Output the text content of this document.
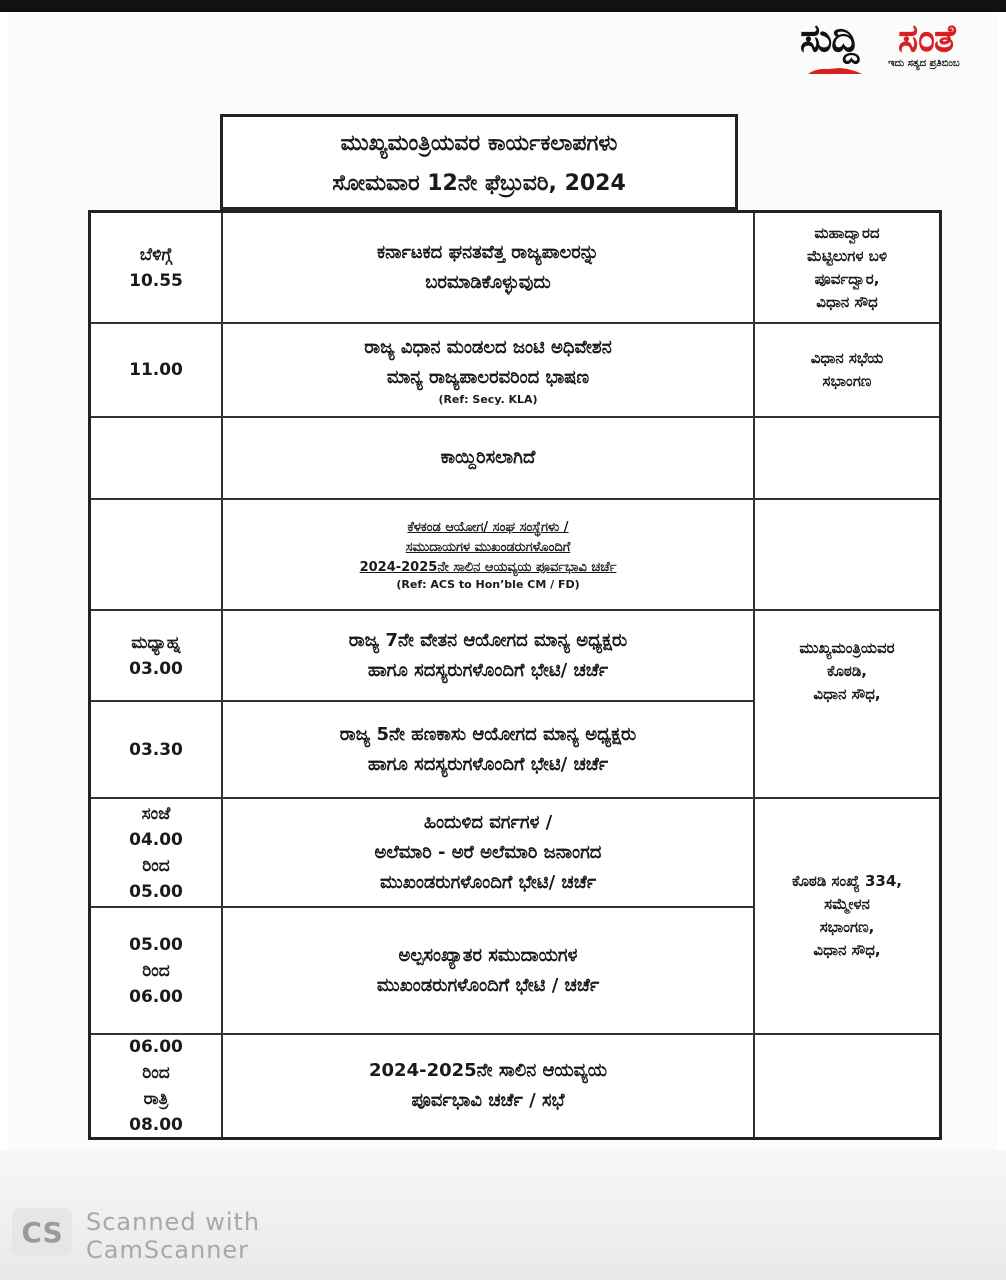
ಸುದ್ದಿ ಸಂತೆ
ಇದು ಸತ್ಯದ ಪ್ರತಿಬಿಂಬ
ಮುಖ್ಯಮಂತ್ರಿಯವರ ಕಾರ್ಯಕಲಾಪಗಳು
ಸೋಮವಾರ 12ನೇ ಫೆಬ್ರುವರಿ, 2024
ಬೆಳಿಗ್ಗೆ
10.55
ಕರ್ನಾಟಕದ ಘನತವೆತ್ತ ರಾಜ್ಯಪಾಲರನ್ನು
ಬರಮಾಡಿಕೊಳ್ಳುವುದು
ಮಹಾದ್ವಾರದ
ಮೆಟ್ಟಿಲುಗಳ ಬಳಿ
ಪೂರ್ವದ್ವಾರ,
ವಿಧಾನ ಸೌಧ
11.00
ರಾಜ್ಯ ವಿಧಾನ ಮಂಡಲದ ಜಂಟಿ ಅಧಿವೇಶನ
ಮಾನ್ಯ ರಾಜ್ಯಪಾಲರವರಿಂದ ಭಾಷಣ
(Ref: Secy. KLA)
ವಿಧಾನ ಸಭೆಯ
ಸಭಾಂಗಣ
ಕಾಯ್ದಿರಿಸಲಾಗಿದೆ
ಕೆಳಕಂಡ ಆಯೋಗ/ ಸಂಘ ಸಂಸ್ಥೆಗಳು /
ಸಮುದಾಯಗಳ ಮುಖಂಡರುಗಳೊಂದಿಗೆ
2024-2025ನೇ ಸಾಲಿನ ಆಯವ್ಯಯ ಪೂರ್ವಭಾವಿ ಚರ್ಚೆ
(Ref: ACS to Hon’ble CM / FD)
ಮಧ್ಯಾಹ್ನ
03.00
ರಾಜ್ಯ 7ನೇ ವೇತನ ಆಯೋಗದ ಮಾನ್ಯ ಅಧ್ಯಕ್ಷರು
ಹಾಗೂ ಸದಸ್ಯರುಗಳೊಂದಿಗೆ ಭೇಟಿ/ ಚರ್ಚೆ
ಮುಖ್ಯಮಂತ್ರಿಯವರ
ಕೊಠಡಿ,
ವಿಧಾನ ಸೌಧ,
03.30
ರಾಜ್ಯ 5ನೇ ಹಣಕಾಸು ಆಯೋಗದ ಮಾನ್ಯ ಅಧ್ಯಕ್ಷರು
ಹಾಗೂ ಸದಸ್ಯರುಗಳೊಂದಿಗೆ ಭೇಟಿ/ ಚರ್ಚೆ
ಸಂಜೆ
04.00
ರಿಂದ
05.00
ಹಿಂದುಳಿದ ವರ್ಗಗಳ /
ಅಲೆಮಾರಿ - ಅರೆ ಅಲೆಮಾರಿ ಜನಾಂಗದ
ಮುಖಂಡರುಗಳೊಂದಿಗೆ ಭೇಟಿ/ ಚರ್ಚೆ	ಕೊಠಡಿ ಸಂಖ್ಯೆ 334,
ಸಮ್ಮೇಳನ
ಸಭಾಂಗಣ,
ವಿಧಾನ ಸೌಧ,
05.00
ರಿಂದ
06.00
ಅಲ್ಪಸಂಖ್ಯಾತರ ಸಮುದಾಯಗಳ
ಮುಖಂಡರುಗಳೊಂದಿಗೆ ಭೇಟಿ / ಚರ್ಚೆ
06.00
ರಿಂದ
ರಾತ್ರಿ
08.00
2024-2025ನೇ ಸಾಲಿನ ಆಯವ್ಯಯ
ಪೂರ್ವಭಾವಿ ಚರ್ಚೆ / ಸಭೆ
CS Scanned with
CamScanner
